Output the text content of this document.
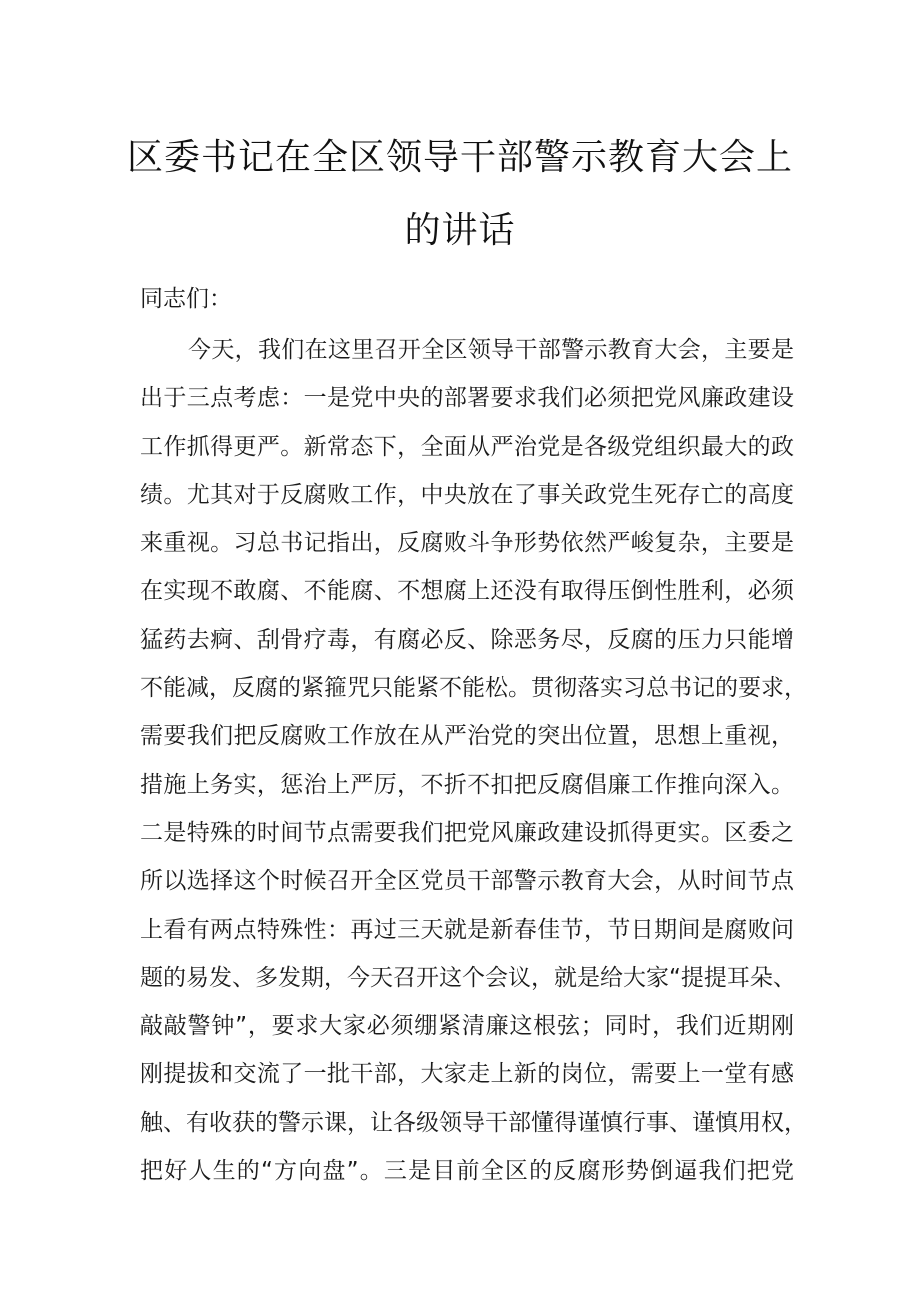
区委书记在全区领导干部警示教育大会上
的讲话
同志们：
今天，我们在这里召开全区领导干部警示教育大会，主要是
出于三点考虑：一是党中央的部署要求我们必须把党风廉政建设
工作抓得更严。新常态下，全面从严治党是各级党组织最大的政
绩。尤其对于反腐败工作，中央放在了事关政党生死存亡的高度
来重视。习总书记指出，反腐败斗争形势依然严峻复杂，主要是
在实现不敢腐、不能腐、不想腐上还没有取得压倒性胜利，必须
猛药去痾、刮骨疗毒，有腐必反、除恶务尽，反腐的压力只能增
不能减，反腐的紧箍咒只能紧不能松。贯彻落实习总书记的要求，
需要我们把反腐败工作放在从严治党的突出位置，思想上重视，
措施上务实，惩治上严厉，不折不扣把反腐倡廉工作推向深入。
二是特殊的时间节点需要我们把党风廉政建设抓得更实。区委之
所以选择这个时候召开全区党员干部警示教育大会，从时间节点
上看有两点特殊性：再过三天就是新春佳节，节日期间是腐败问
题的易发、多发期，今天召开这个会议，就是给大家“提提耳朵、
敲敲警钟”，要求大家必须绷紧清廉这根弦；同时，我们近期刚
刚提拔和交流了一批干部，大家走上新的岗位，需要上一堂有感
触、有收获的警示课，让各级领导干部懂得谨慎行事、谨慎用权，
把好人生的“方向盘”。三是目前全区的反腐形势倒逼我们把党
